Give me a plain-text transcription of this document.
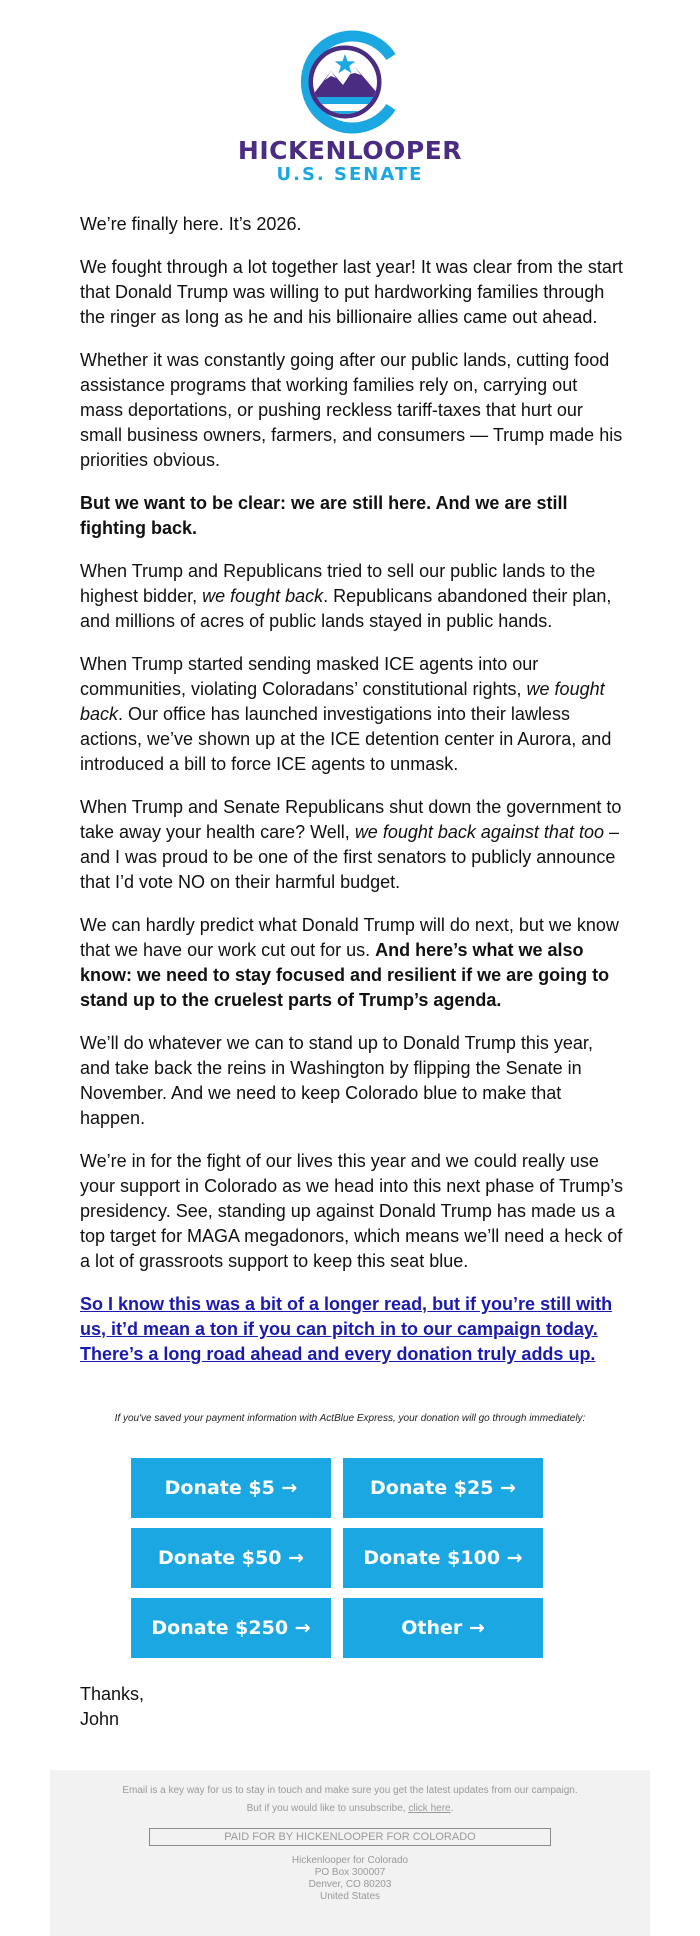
HICKENLOOPER
U.S. SENATE

We’re finally here. It’s 2026.

We fought through a lot together last year! It was clear from the start that Donald Trump was willing to put hardworking families through the ringer as long as he and his billionaire allies came out ahead.

Whether it was constantly going after our public lands, cutting food assistance programs that working families rely on, carrying out mass deportations, or pushing reckless tariff-taxes that hurt our small business owners, farmers, and consumers — Trump made his priorities obvious.

But we want to be clear: we are still here. And we are still fighting back.

When Trump and Republicans tried to sell our public lands to the highest bidder, we fought back. Republicans abandoned their plan, and millions of acres of public lands stayed in public hands.

When Trump started sending masked ICE agents into our communities, violating Coloradans’ constitutional rights, we fought back. Our office has launched investigations into their lawless actions, we’ve shown up at the ICE detention center in Aurora, and introduced a bill to force ICE agents to unmask.

When Trump and Senate Republicans shut down the government to take away your health care? Well, we fought back against that too – and I was proud to be one of the first senators to publicly announce that I’d vote NO on their harmful budget.

We can hardly predict what Donald Trump will do next, but we know that we have our work cut out for us. And here’s what we also know: we need to stay focused and resilient if we are going to stand up to the cruelest parts of Trump’s agenda.

We’ll do whatever we can to stand up to Donald Trump this year, and take back the reins in Washington by flipping the Senate in November. And we need to keep Colorado blue to make that happen.

We’re in for the fight of our lives this year and we could really use your support in Colorado as we head into this next phase of Trump’s presidency. See, standing up against Donald Trump has made us a top target for MAGA megadonors, which means we’ll need a heck of a lot of grassroots support to keep this seat blue.

So I know this was a bit of a longer read, but if you’re still with us, it’d mean a ton if you can pitch in to our campaign today. There’s a long road ahead and every donation truly adds up.

If you've saved your payment information with ActBlue Express, your donation will go through immediately:
Donate $5 →	Donate $25 →
Donate $50 →	Donate $100 →
Donate $250 →	Other →
Thanks,
John
Email is a key way for us to stay in touch and make sure you get the latest updates from our campaign. But if you would like to unsubscribe, click here.
PAID FOR BY HICKENLOOPER FOR COLORADO
Hickenlooper for Colorado
PO Box 300007
Denver, CO 80203
United States
